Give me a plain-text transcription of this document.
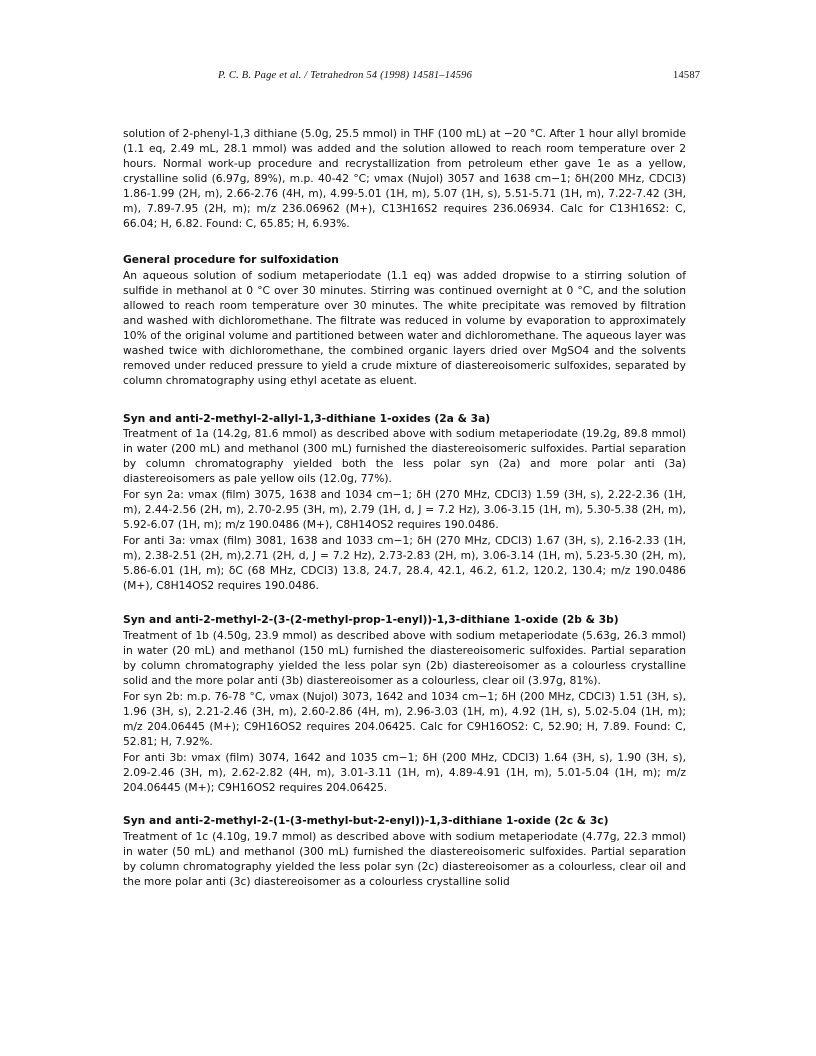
P. C. B. Page et al. / Tetrahedron 54 (1998) 14581–14596	14587

solution of 2-phenyl-1,3 dithiane (5.0g, 25.5 mmol) in THF (100 mL) at −20 °C. After 1 hour allyl bromide (1.1 eq, 2.49 mL, 28.1 mmol) was added and the solution allowed to reach room temperature over 2 hours. Normal work-up procedure and recrystallization from petroleum ether gave 1e as a yellow, crystalline solid (6.97g, 89%), m.p. 40-42 °C; νmax (Nujol) 3057 and 1638 cm−1; δH(200 MHz, CDCl3) 1.86-1.99 (2H, m), 2.66-2.76 (4H, m), 4.99-5.01 (1H, m), 5.07 (1H, s), 5.51-5.71 (1H, m), 7.22-7.42 (3H, m), 7.89-7.95 (2H, m); m/z 236.06962 (M+), C13H16S2 requires 236.06934. Calc for C13H16S2: C, 66.04; H, 6.82. Found: C, 65.85; H, 6.93%.

General procedure for sulfoxidation

An aqueous solution of sodium metaperiodate (1.1 eq) was added dropwise to a stirring solution of sulfide in methanol at 0 °C over 30 minutes. Stirring was continued overnight at 0 °C, and the solution allowed to reach room temperature over 30 minutes. The white precipitate was removed by filtration and washed with dichloromethane. The filtrate was reduced in volume by evaporation to approximately 10% of the original volume and partitioned between water and dichloromethane. The aqueous layer was washed twice with dichloromethane, the combined organic layers dried over MgSO4 and the solvents removed under reduced pressure to yield a crude mixture of diastereoisomeric sulfoxides, separated by column chromatography using ethyl acetate as eluent.

Syn and anti-2-methyl-2-allyl-1,3-dithiane 1-oxides (2a & 3a)

Treatment of 1a (14.2g, 81.6 mmol) as described above with sodium metaperiodate (19.2g, 89.8 mmol) in water (200 mL) and methanol (300 mL) furnished the diastereoisomeric sulfoxides. Partial separation by column chromatography yielded both the less polar syn (2a) and more polar anti (3a) diastereoisomers as pale yellow oils (12.0g, 77%).

For syn 2a: νmax (film) 3075, 1638 and 1034 cm−1; δH (270 MHz, CDCl3) 1.59 (3H, s), 2.22-2.36 (1H, m), 2.44-2.56 (2H, m), 2.70-2.95 (3H, m), 2.79 (1H, d, J = 7.2 Hz), 3.06-3.15 (1H, m), 5.30-5.38 (2H, m), 5.92-6.07 (1H, m); m/z 190.0486 (M+), C8H14OS2 requires 190.0486.

For anti 3a: νmax (film) 3081, 1638 and 1033 cm−1; δH (270 MHz, CDCl3) 1.67 (3H, s), 2.16-2.33 (1H, m), 2.38-2.51 (2H, m),2.71 (2H, d, J = 7.2 Hz), 2.73-2.83 (2H, m), 3.06-3.14 (1H, m), 5.23-5.30 (2H, m), 5.86-6.01 (1H, m); δC (68 MHz, CDCl3) 13.8, 24.7, 28.4, 42.1, 46.2, 61.2, 120.2, 130.4; m/z 190.0486 (M+), C8H14OS2 requires 190.0486.

Syn and anti-2-methyl-2-(3-(2-methyl-prop-1-enyl))-1,3-dithiane 1-oxide (2b & 3b)

Treatment of 1b (4.50g, 23.9 mmol) as described above with sodium metaperiodate (5.63g, 26.3 mmol) in water (20 mL) and methanol (150 mL) furnished the diastereoisomeric sulfoxides. Partial separation by column chromatography yielded the less polar syn (2b) diastereoisomer as a colourless crystalline solid and the more polar anti (3b) diastereoisomer as a colourless, clear oil (3.97g, 81%).

For syn 2b: m.p. 76-78 °C, νmax (Nujol) 3073, 1642 and 1034 cm−1; δH (200 MHz, CDCl3) 1.51 (3H, s), 1.96 (3H, s), 2.21-2.46 (3H, m), 2.60-2.86 (4H, m), 2.96-3.03 (1H, m), 4.92 (1H, s), 5.02-5.04 (1H, m); m/z 204.06445 (M+); C9H16OS2 requires 204.06425. Calc for C9H16OS2: C, 52.90; H, 7.89. Found: C, 52.81; H, 7.92%.

For anti 3b: νmax (film) 3074, 1642 and 1035 cm−1; δH (200 MHz, CDCl3) 1.64 (3H, s), 1.90 (3H, s), 2.09-2.46 (3H, m), 2.62-2.82 (4H, m), 3.01-3.11 (1H, m), 4.89-4.91 (1H, m), 5.01-5.04 (1H, m); m/z 204.06445 (M+); C9H16OS2 requires 204.06425.

Syn and anti-2-methyl-2-(1-(3-methyl-but-2-enyl))-1,3-dithiane 1-oxide (2c & 3c)

Treatment of 1c (4.10g, 19.7 mmol) as described above with sodium metaperiodate (4.77g, 22.3 mmol) in water (50 mL) and methanol (300 mL) furnished the diastereoisomeric sulfoxides. Partial separation by column chromatography yielded the less polar syn (2c) diastereoisomer as a colourless, clear oil and the more polar anti (3c) diastereoisomer as a colourless crystalline solid
